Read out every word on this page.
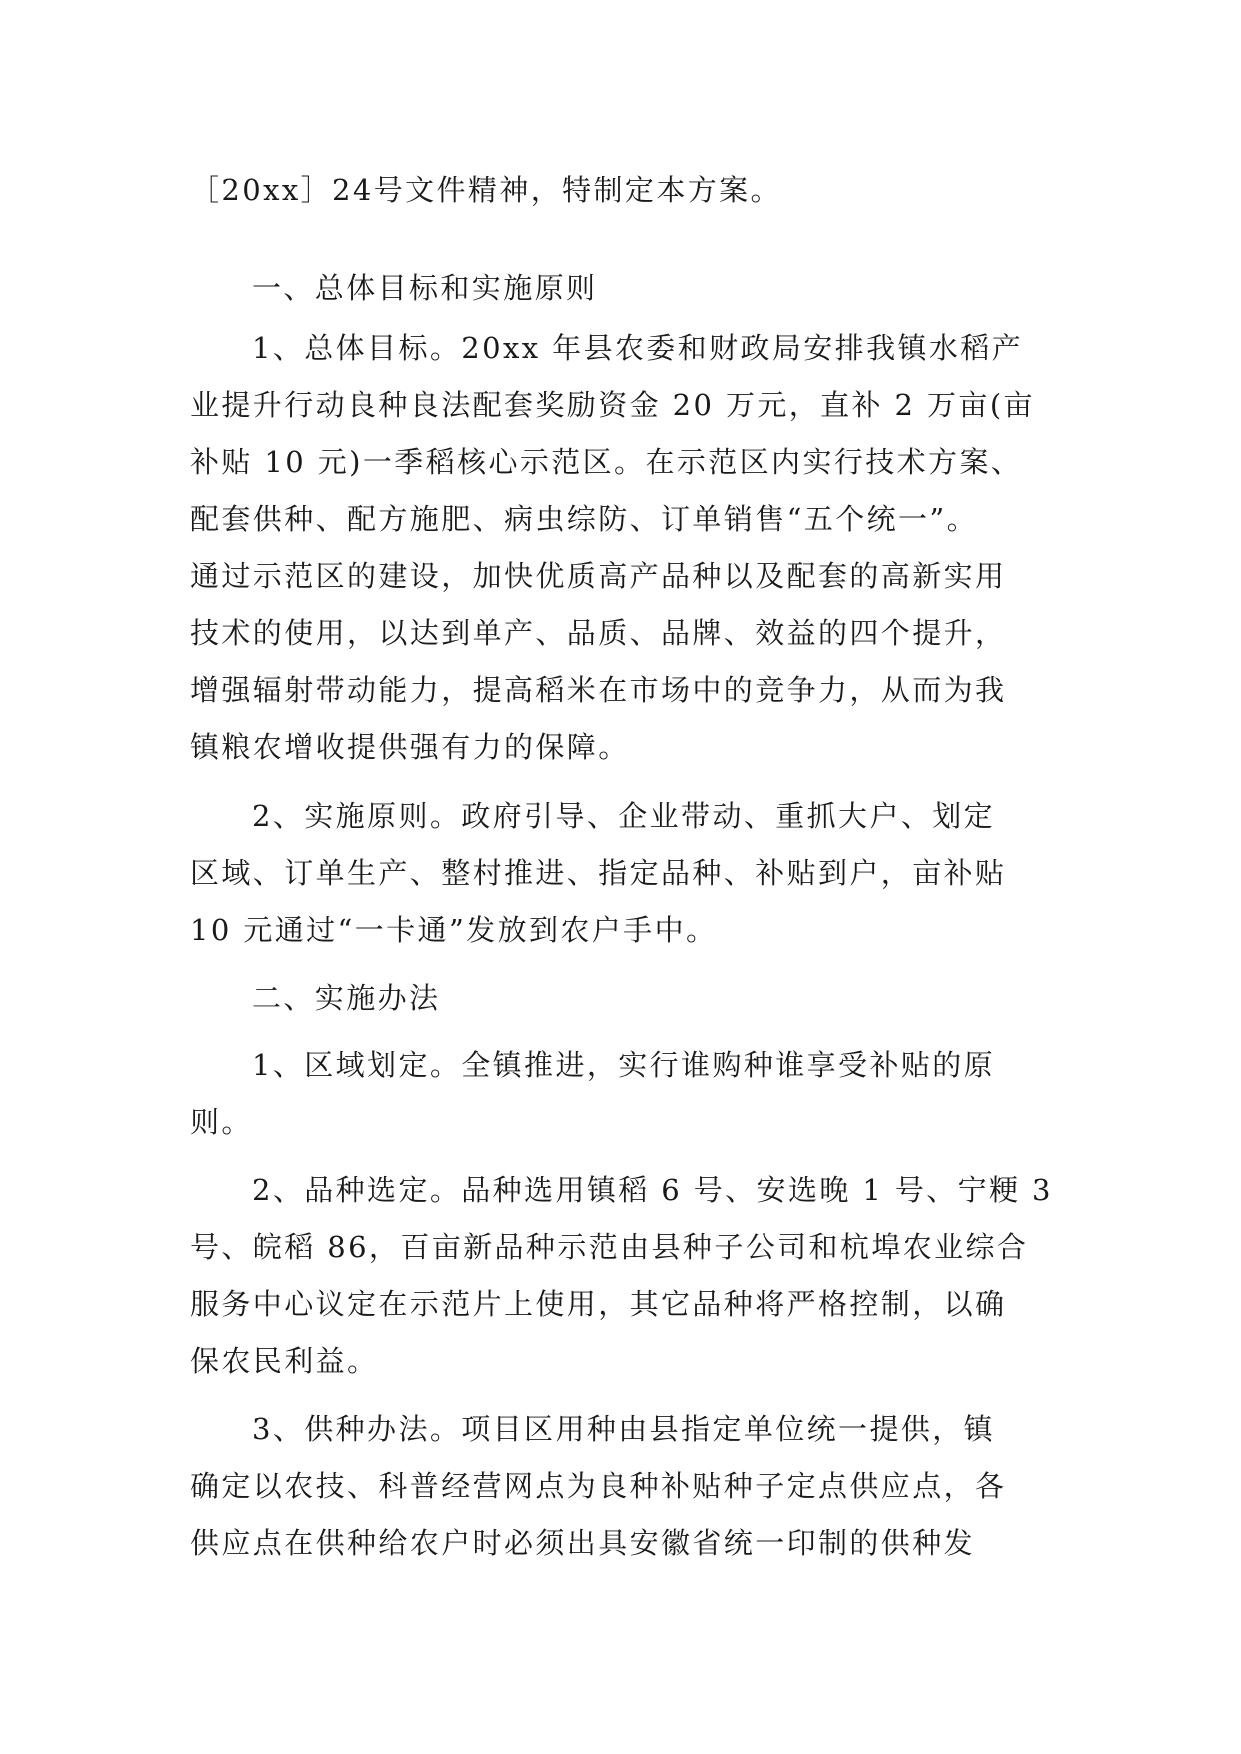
［20xx］24号文件精神，特制定本方案。
一、总体目标和实施原则
1、总体目标。20xx 年县农委和财政局安排我镇水稻产
业提升行动良种良法配套奖励资金 20 万元，直补 2 万亩(亩
补贴 10 元)一季稻核心示范区。在示范区内实行技术方案、
配套供种、配方施肥、病虫综防、订单销售“五个统一”。
通过示范区的建设，加快优质高产品种以及配套的高新实用
技术的使用，以达到单产、品质、品牌、效益的四个提升，
增强辐射带动能力，提高稻米在市场中的竞争力，从而为我
镇粮农增收提供强有力的保障。
2、实施原则。政府引导、企业带动、重抓大户、划定
区域、订单生产、整村推进、指定品种、补贴到户，亩补贴
10 元通过“一卡通”发放到农户手中。
二、实施办法
1、区域划定。全镇推进，实行谁购种谁享受补贴的原
则。
2、品种选定。品种选用镇稻 6 号、安选晚 1 号、宁粳 3
号、皖稻 86，百亩新品种示范由县种子公司和杭埠农业综合
服务中心议定在示范片上使用，其它品种将严格控制，以确
保农民利益。
3、供种办法。项目区用种由县指定单位统一提供，镇
确定以农技、科普经营网点为良种补贴种子定点供应点，各
供应点在供种给农户时必须出具安徽省统一印制的供种发
